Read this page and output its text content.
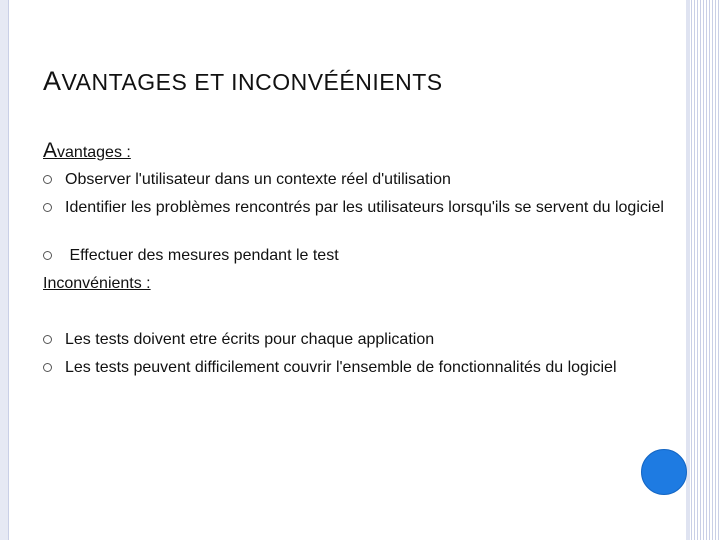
AVANTAGES ET INCONVÉÉNIENTS
Avantages :
Observer l'utilisateur dans un contexte réel d'utilisation
Identifier les problèmes rencontrés par les utilisateurs lorsqu'ils se servent du logiciel
Effectuer des mesures pendant le test
Inconvénients :
Les tests doivent etre écrits pour chaque application
Les tests peuvent difficilement couvrir l'ensemble de fonctionnalités du logiciel
